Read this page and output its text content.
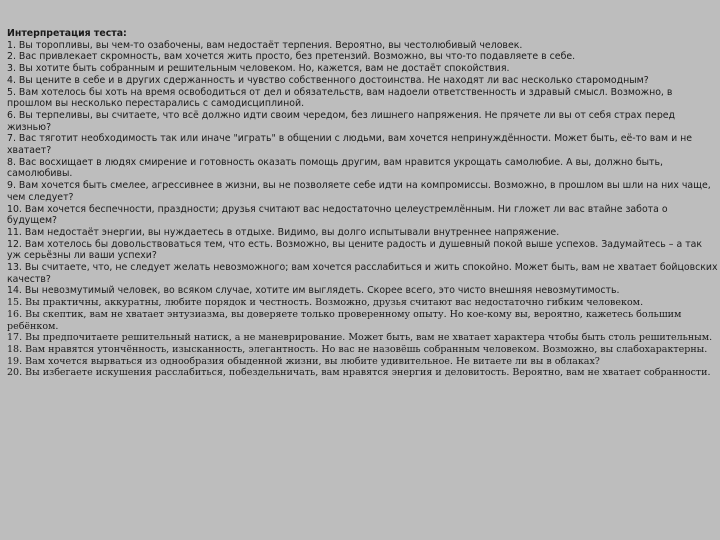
Интерпретация теста:

1. Вы торопливы, вы чем-то озабочены, вам недостаёт терпения. Вероятно, вы честолюбивый человек.

2. Вас привлекает скромность, вам хочется жить просто, без претензий. Возможно, вы что-то подавляете в себе.

3. Вы хотите быть собранным и решительным человеком. Но, кажется, вам не достаёт спокойствия.

4. Вы цените в себе и в других сдержанность и чувство собственного достоинства. Не находят ли вас несколько старомодным?

5. Вам хотелось бы хоть на время освободиться от дел и обязательств, вам надоели ответственность и здравый смысл. Возможно, в прошлом вы несколько перестарались с самодисциплиной.

6. Вы терпеливы, вы считаете, что всё должно идти своим чередом, без лишнего напряжения. Не прячете ли вы от себя страх перед жизнью?

7. Вас тяготит необходимость так или иначе "играть" в общении с людьми, вам хочется непринуждённости. Может быть, её-то вам и не хватает?

8. Вас восхищает в людях смирение и готовность оказать помощь другим, вам нравится укрощать самолюбие. А вы, должно быть, самолюбивы.

9. Вам хочется быть смелее, агрессивнее в жизни, вы не позволяете себе идти на компромиссы. Возможно, в прошлом вы шли на них чаще, чем следует?

10. Вам хочется беспечности, праздности; друзья считают вас недостаточно целеустремлённым. Ни гложет ли вас втайне забота о будущем?

11. Вам недостаёт энергии, вы нуждаетесь в отдыхе. Видимо, вы долго испытывали внутреннее напряжение.

12. Вам хотелось бы довольствоваться тем, что есть. Возможно, вы цените радость и душевный покой выше успехов. Задумайтесь – а так уж серьёзны ли ваши успехи?

13. Вы считаете, что, не следует желать невозможного; вам хочется расслабиться и жить спокойно. Может быть, вам не хватает бойцовских качеств?

14. Вы невозмутимый человек, во всяком случае, хотите им выглядеть. Скорее всего, это чисто внешняя невозмутимость.

15. Вы практичны, аккуратны, любите порядок и честность. Возможно, друзья считают вас недостаточно гибким человеком.

16. Вы скептик, вам не хватает энтузиазма, вы доверяете только проверенному опыту. Но кое-кому вы, вероятно, кажетесь большим ребёнком.

17. Вы предпочитаете решительный натиск, а не маневрирование. Может быть, вам не хватает характера чтобы быть столь решительным.

18. Вам нравятся утончённость, изысканность, элегантность. Но вас не назовёшь собранным человеком. Возможно, вы слабохарактерны.

19. Вам хочется вырваться из однообразия обыденной жизни, вы любите удивительное. Не витаете ли вы в облаках?

20. Вы избегаете искушения расслабиться, побездельничать, вам нравятся энергия и деловитость. Вероятно, вам не хватает собранности.
